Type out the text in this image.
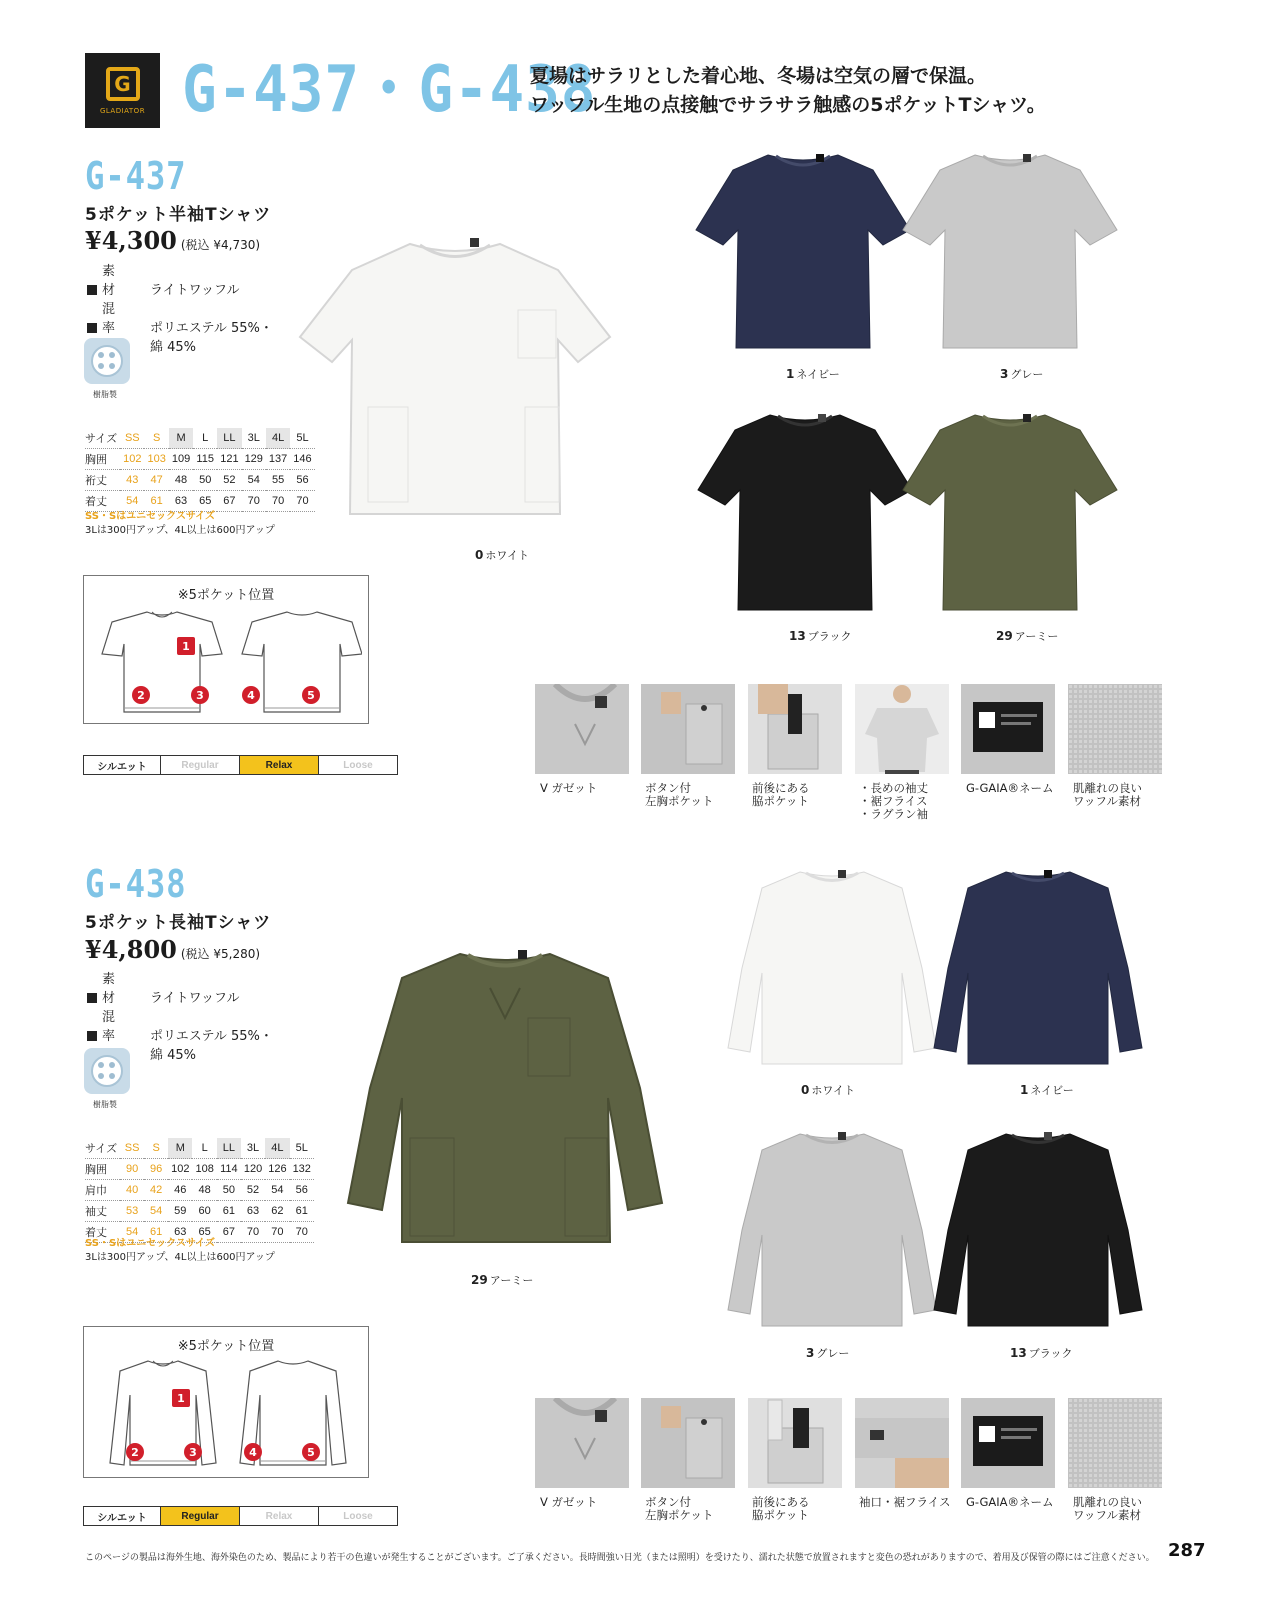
G
GLADIATOR G-437・G-438
夏場はサラリとした着心地、冬場は空気の層で保温。
ワッフル生地の点接触でサラサラ触感の5ポケットTシャツ。
G-437
5ポケット半袖Tシャツ
¥4,300 (税込 ¥4,730)
素 材 ライトワッフル
混 率 ポリエステル 55%・
綿 45%
樹脂製
サイズ	SS	S	M	L	LL	3L	4L	5L
胸囲	102	103	109	115	121	129	137	146
裄丈	43	47	48	50	52	54	55	56
着丈	54	61	63	65	67	70	70	70
SS・Sはユニセックスサイズ
3Lは300円アップ、4L以上は600円アップ
※5ポケット位置
1
2	3	4	5
シルエット	Regular	Relax	Loose
0 ホワイト
1 ネイビー	3 グレー
13 ブラック	29 アーミー
V ガゼット	ボタン付
左胸ポケット
前後にある
脇ポケット
・長めの袖丈
・裾フライス
・ラグラン袖
G-GAIA®ネーム	肌離れの良い
ワッフル素材
G-438
5ポケット長袖Tシャツ
¥4,800 (税込 ¥5,280)
素 材 ライトワッフル
混 率 ポリエステル 55%・
綿 45%
樹脂製
サイズ	SS	S	M	L	LL	3L	4L	5L
胸囲	90	96	102	108	114	120	126	132
肩巾	40	42	46	48	50	52	54	56
袖丈	53	54	59	60	61	63	62	61
着丈	54	61	63	65	67	70	70	70
SS・Sはユニセックスサイズ
3Lは300円アップ、4L以上は600円アップ
※5ポケット位置
1
2	3	4	5
シルエット	Regular	Relax	Loose
29 アーミー
0 ホワイト	1 ネイビー
3 グレー	13 ブラック
V ガゼット	ボタン付
左胸ポケット
前後にある
脇ポケット
袖口・裾フライス	G-GAIA®ネーム	肌離れの良い
ワッフル素材
このページの製品は海外生地、海外染色のため、製品により若干の色違いが発生することがございます。ご了承ください。長時間強い日光（または照明）を受けたり、濡れた状態で放置されますと変色の恐れがありますので、着用及び保管の際にはご注意ください。 287
